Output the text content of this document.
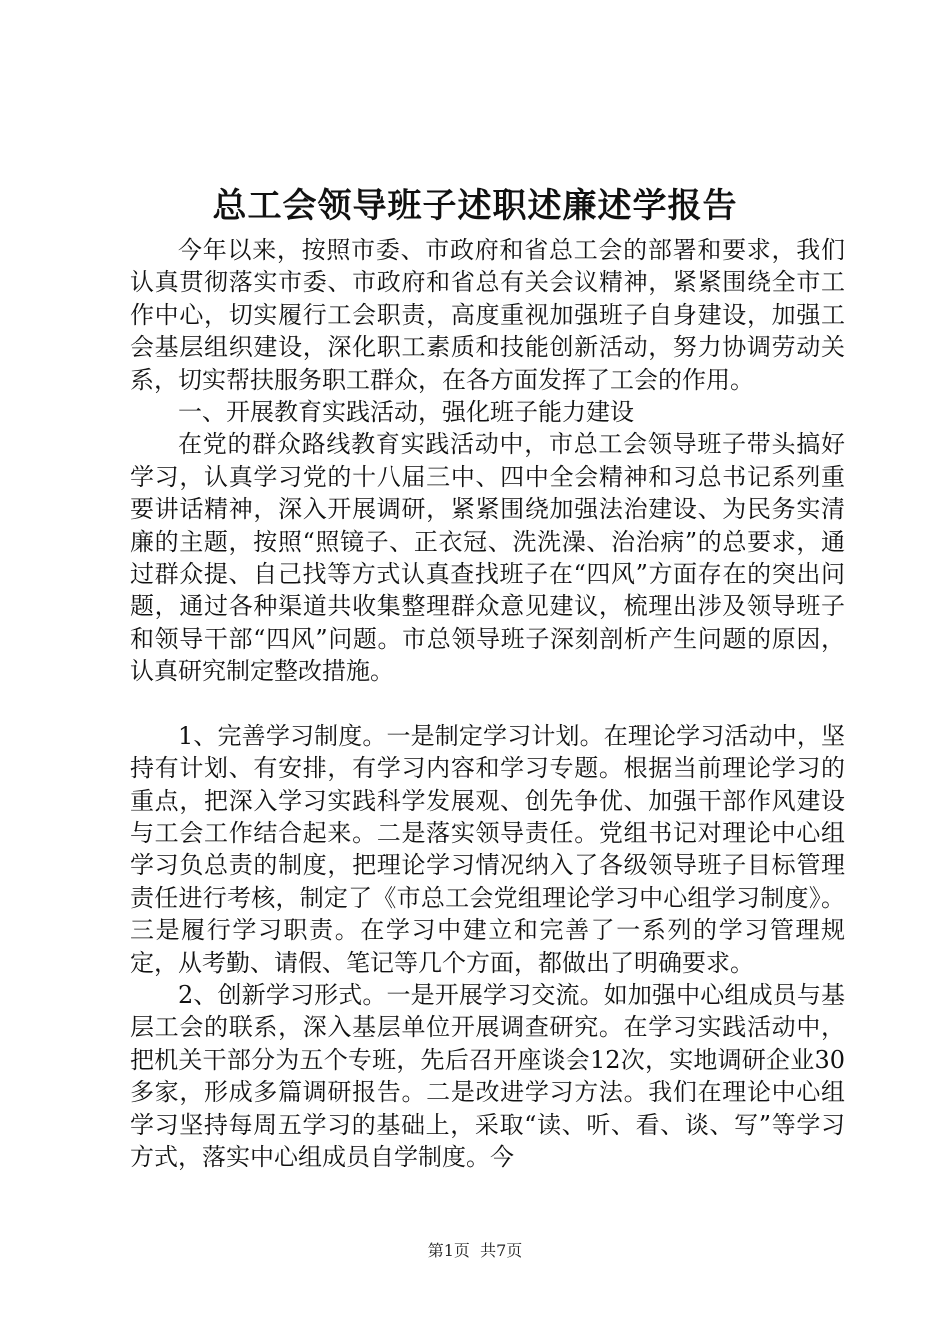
总工会领导班子述职述廉述学报告

今年以来，按照市委、市政府和省总工会的部署和要求，我们认真贯彻落实市委、市政府和省总有关会议精神，紧紧围绕全市工作中心，切实履行工会职责，高度重视加强班子自身建设，加强工会基层组织建设，深化职工素质和技能创新活动，努力协调劳动关系，切实帮扶服务职工群众，在各方面发挥了工会的作用。

一、开展教育实践活动，强化班子能力建设

在党的群众路线教育实践活动中，市总工会领导班子带头搞好学习，认真学习党的十八届三中、四中全会精神和习总书记系列重要讲话精神，深入开展调研，紧紧围绕加强法治建设、为民务实清廉的主题，按照“照镜子、正衣冠、洗洗澡、治治病”的总要求，通过群众提、自己找等方式认真查找班子在“四风”方面存在的突出问题，通过各种渠道共收集整理群众意见建议，梳理出涉及领导班子和领导干部“四风”问题。市总领导班子深刻剖析产生问题的原因，认真研究制定整改措施。

1、完善学习制度。一是制定学习计划。在理论学习活动中，坚持有计划、有安排，有学习内容和学习专题。根据当前理论学习的重点，把深入学习实践科学发展观、创先争优、加强干部作风建设与工会工作结合起来。二是落实领导责任。党组书记对理论中心组学习负总责的制度，把理论学习情况纳入了各级领导班子目标管理责任进行考核，制定了《市总工会党组理论学习中心组学习制度》。三是履行学习职责。在学习中建立和完善了一系列的学习管理规定，从考勤、请假、笔记等几个方面，都做出了明确要求。

2、创新学习形式。一是开展学习交流。如加强中心组成员与基层工会的联系，深入基层单位开展调查研究。在学习实践活动中，把机关干部分为五个专班，先后召开座谈会12次，实地调研企业30多家，形成多篇调研报告。二是改进学习方法。我们在理论中心组学习坚持每周五学习的基础上，采取“读、听、看、谈、写”等学习方式，落实中心组成员自学制度。今

第1页  共7页
